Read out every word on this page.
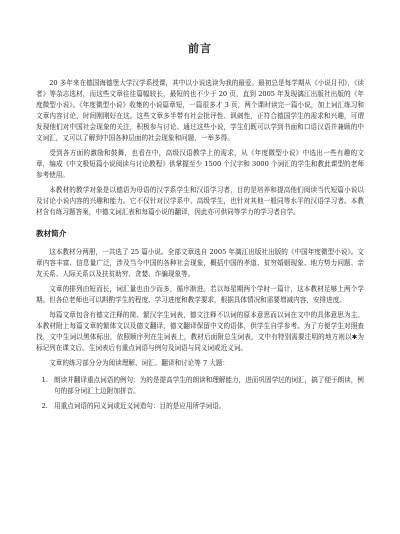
前言

20 多年来在德国海德堡大学汉学系授课，其中以小说选读为我的最爱。最初总是每学期从《小说月刊》，《读者》等杂志选材，而这些文章往往篇幅较长，最短的也不少于 20 页，直到 2005 年发现漓江出版社出版的《年度微型小说》。《年度微型小说》收集的小说篇章短，一篇很多才 3 页，两个课时读完一篇小说，加上词汇练习和文章内容讨论，时间刚刚好在这。这些文章多半带有社会批评性、讽刺性，正符合德国学生的需求和兴趣，可谓发现他们对中国社会现象的关注，积极参与讨论。通过这些小说，学生们既可以学到书面和口语汉语并兼顾的中文词汇，又可以了解到中国各种层面的社会现象和问题，一举多得。

受到各方面的激励和鼓舞，也看在中，高级汉语教学上的需求，从《年度微型小说》中选出一些有趣的文章，编成《中文极短篇小说阅读与讨论教程》供掌握至少 1500 个汉字和 3000 个词汇的学生和教此课型的老师参考使用。

本教材的教学对象是以德语为母语的汉学系学生和汉语学习者，目的是培养和提高他们阅读当代短篇小说以及讨论小说内容的兴趣和能力。它不仅针对汉学系中、高级学生，也针对其他一般同等水平的汉语学习者。本教材含有练习题答案，中德文词汇表和每篇小说的翻译，因此亦可供同等学力的学习者自学。

教材简介

这本教材分两册，一共选了 25 篇小说。全部文章选自 2005 年漓江出版社出版的《中国年度微型小说》。文章内容丰富、信息量广泛，涉及当今中国的各种社会现象，概括中国的孝道、贫穷婚姻现象、地方势力问题、亲友关系、人际关系以及扶贫助穷、贪婪、诈骗现象等。

文章的排列由短而长，词汇量也由少而多，循序渐进。若以每星期两个学时一篇计，这本教材足够上两个学期。但各位老师也可以斟酌学生的程度、学习进度和教学要求，根据具体情况和需要增减内容，安排进度。

每篇文章包含有德文注释的简、繁汉字生词表，德文注释不以词的原本意思而以词在文中的具体意思为主。本教材附上每篇文章的繁体文以及德文翻译，德文翻译保留中文的语体，供学生自学参考。为了方便学生对照查找，文中生词以黑体标出，依照顺序列在生词表上，教材后面附总生词表，文中有特别需要注明的地方则以✱为标记列在课文后。生词表后有重点词语与例句及词语与同义词或近义词。

文章的练习部分分为阅读理解、词汇、翻译和讨论等 7 大题：

1. 朗读并翻译重点词语的例句：为的是提高学生的朗读和理解能力，进而巩固学过的词汇，搞了便于朗读，例句的部分词汇上边附加拼音。
2. 用重点词语的同义词或近义词造句：目的是应用所学词语。
